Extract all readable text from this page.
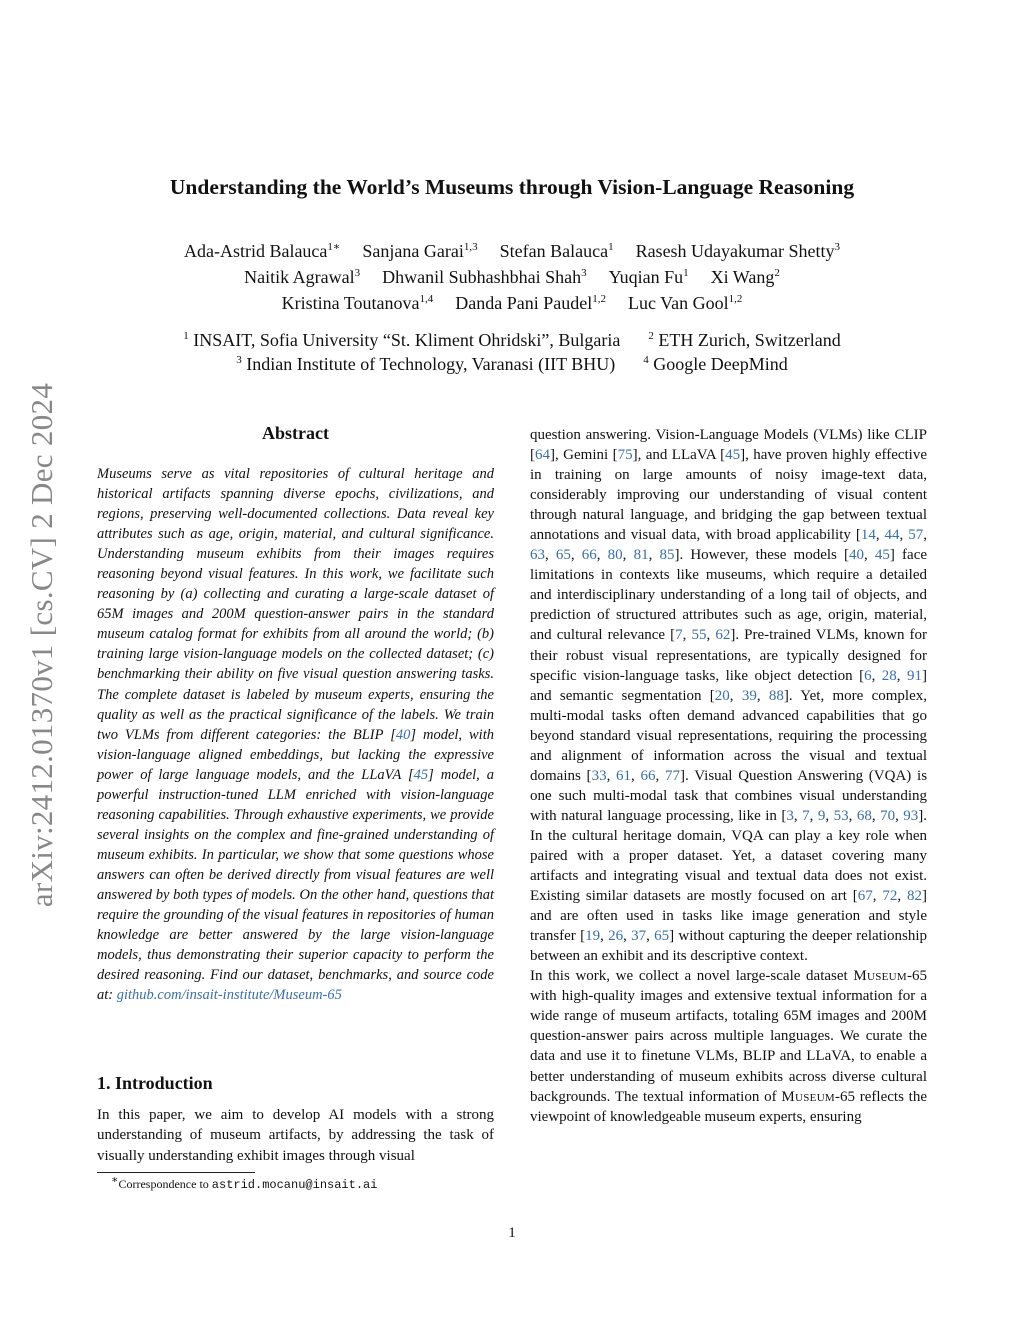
arXiv:2412.01370v1 [cs.CV] 2 Dec 2024
Understanding the World’s Museums through Vision-Language Reasoning
Ada-Astrid Balauca$^{1∗}$ Sanjana Garai$^{1,3}$ Stefan Balauca$^1$ Rasesh Udayakumar Shetty$^3$
Naitik Agrawal$^3$ Dhwanil Subhashbhai Shah$^3$ Yuqian Fu$^1$ Xi Wang$^2$
Kristina Toutanova$^{1,4}$ Danda Pani Paudel$^{1,2}$ Luc Van Gool$^{1,2}$
$^1$ INSAIT, Sofia University “St. Kliment Ohridski”, Bulgaria	$^2$ ETH Zurich, Switzerland
$^3$ Indian Institute of Technology, Varanasi (IIT BHU)	$^4$ Google DeepMind
Abstract
Museums serve as vital repositories of cultural heritage and historical artifacts spanning diverse epochs, civilizations, and regions, preserving well-documented collections. Data reveal key attributes such as age, origin, material, and cultural significance. Understanding museum exhibits from their images requires reasoning beyond visual features. In this work, we facilitate such reasoning by (a) collecting and curating a large-scale dataset of 65M images and 200M question-answer pairs in the standard museum catalog format for exhibits from all around the world; (b) training large vision-language models on the collected dataset; (c) benchmarking their ability on five visual question answering tasks. The complete dataset is labeled by museum experts, ensuring the quality as well as the practical significance of the labels. We train two VLMs from different categories: the BLIP [40] model, with vision-language aligned embeddings, but lacking the expressive power of large language models, and the LLaVA [45] model, a powerful instruction-tuned LLM enriched with vision-language reasoning capabilities. Through exhaustive experiments, we provide several insights on the complex and fine-grained understanding of museum exhibits. In particular, we show that some questions whose answers can often be derived directly from visual features are well answered by both types of models. On the other hand, questions that require the grounding of the visual features in repositories of human knowledge are better answered by the large vision-language models, thus demonstrating their superior capacity to perform the desired reasoning. Find our dataset, benchmarks, and source code at: github.com/insait-institute/Museum-65
1. Introduction
In this paper, we aim to develop AI models with a strong understanding of museum artifacts, by addressing the task of visually understanding exhibit images through visual
∗Correspondence to astrid.mocanu@insait.ai

question answering. Vision-Language Models (VLMs) like CLIP [64], Gemini [75], and LLaVA [45], have proven highly effective in training on large amounts of noisy image-text data, considerably improving our understanding of visual content through natural language, and bridging the gap between textual annotations and visual data, with broad applicability [14, 44, 57, 63, 65, 66, 80, 81, 85]. However, these models [40, 45] face limitations in contexts like museums, which require a detailed and interdisciplinary understanding of a long tail of objects, and prediction of structured attributes such as age, origin, material, and cultural relevance [7, 55, 62]. Pre-trained VLMs, known for their robust visual representations, are typically designed for specific vision-language tasks, like object detection [6, 28, 91] and semantic segmentation [20, 39, 88]. Yet, more complex, multi-modal tasks often demand advanced capabilities that go beyond standard visual representations, requiring the processing and alignment of information across the visual and textual domains [33, 61, 66, 77]. Visual Question Answering (VQA) is one such multi-modal task that combines visual understanding with natural language processing, like in [3, 7, 9, 53, 68, 70, 93]. In the cultural heritage domain, VQA can play a key role when paired with a proper dataset. Yet, a dataset covering many artifacts and integrating visual and textual data does not exist. Existing similar datasets are mostly focused on art [67, 72, 82] and are often used in tasks like image generation and style transfer [19, 26, 37, 65] without capturing the deeper relationship between an exhibit and its descriptive context.

In this work, we collect a novel large-scale dataset Museum-65 with high-quality images and extensive textual information for a wide range of museum artifacts, totaling 65M images and 200M question-answer pairs across multiple languages. We curate the data and use it to finetune VLMs, BLIP and LLaVA, to enable a better understanding of museum exhibits across diverse cultural backgrounds. The textual information of Museum-65 reflects the viewpoint of knowledgeable museum experts, ensuring

1
